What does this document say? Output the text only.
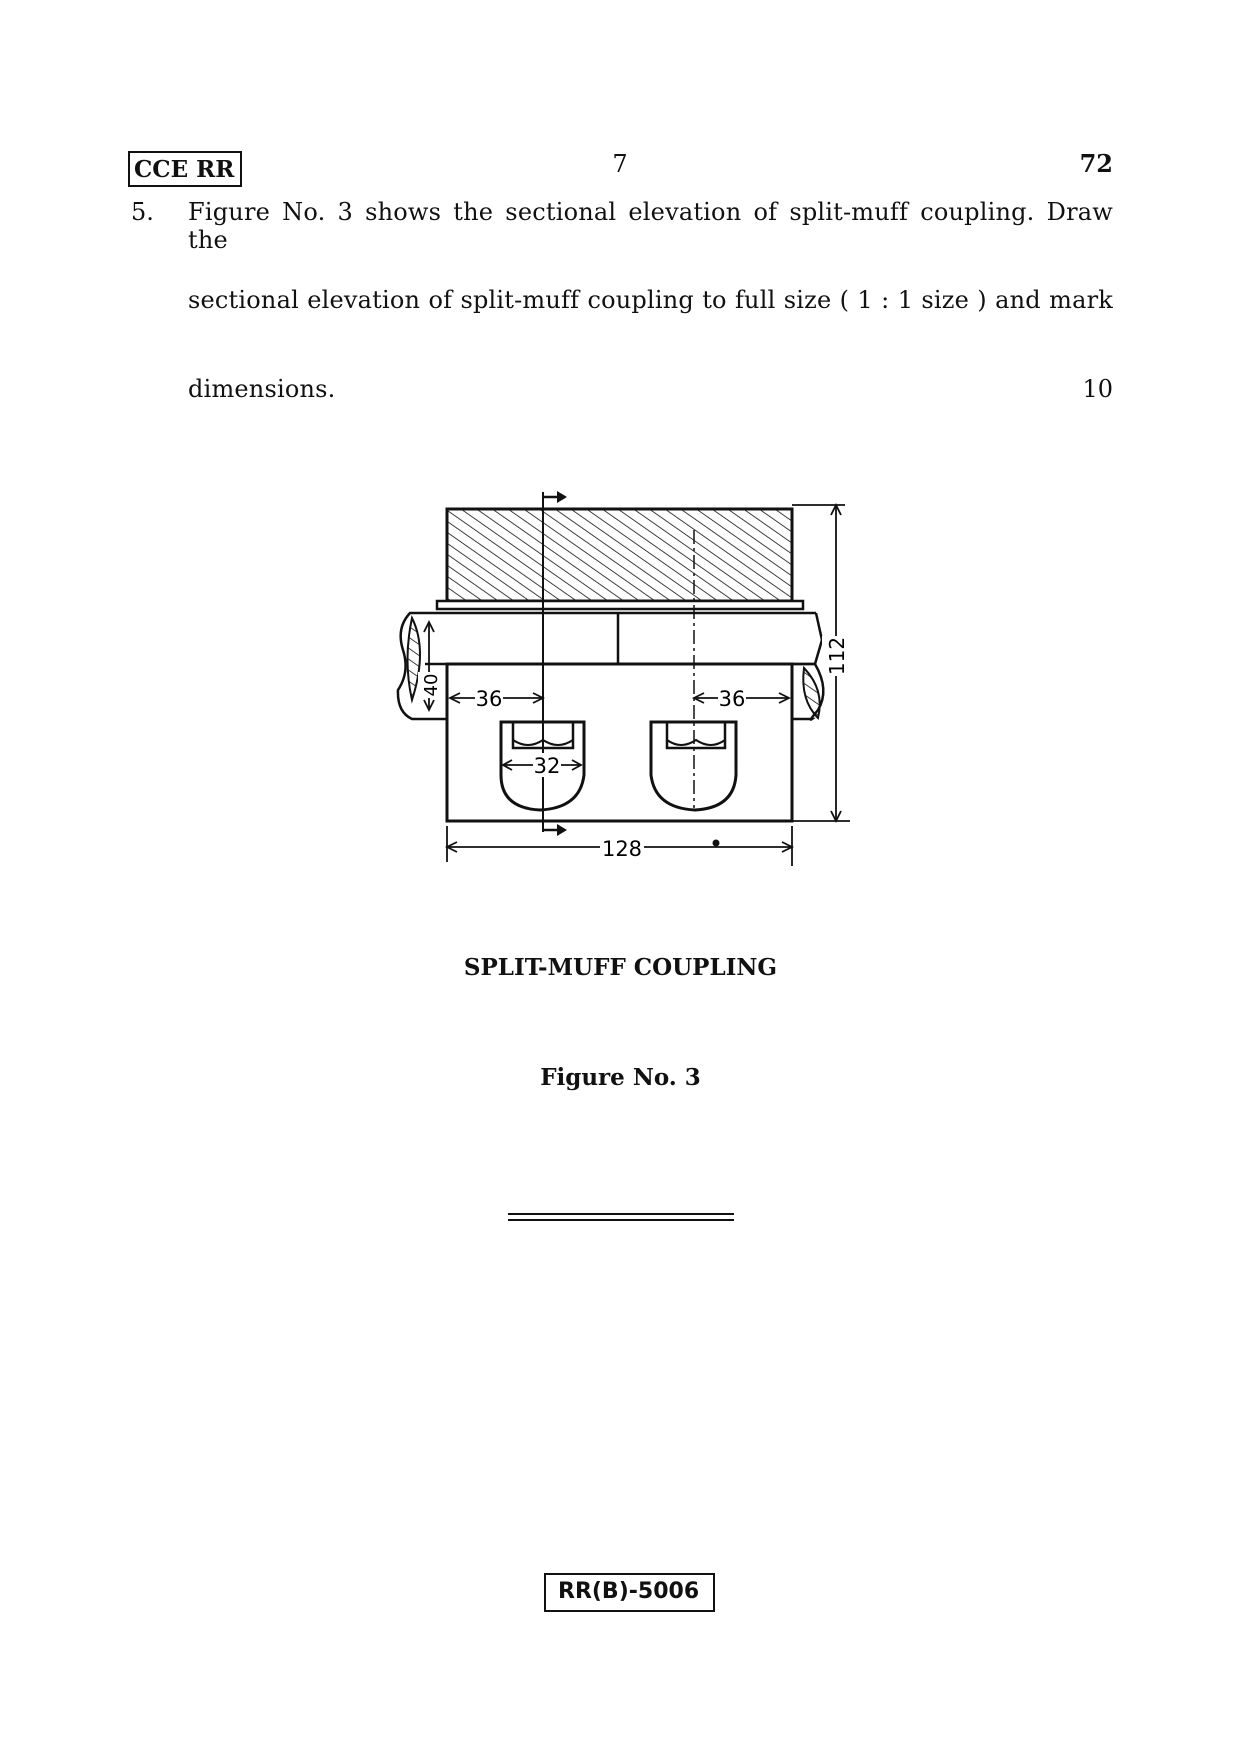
CCE RR	7	72
5. Figure No. 3 shows the sectional elevation of split-muff coupling. Draw the
sectional elevation of split-muff coupling to full size ( 1 : 1 size ) and mark
dimensions.	10
40
36	36
32
112
128
SPLIT-MUFF COUPLING
Figure No. 3
RR(B)-5006
